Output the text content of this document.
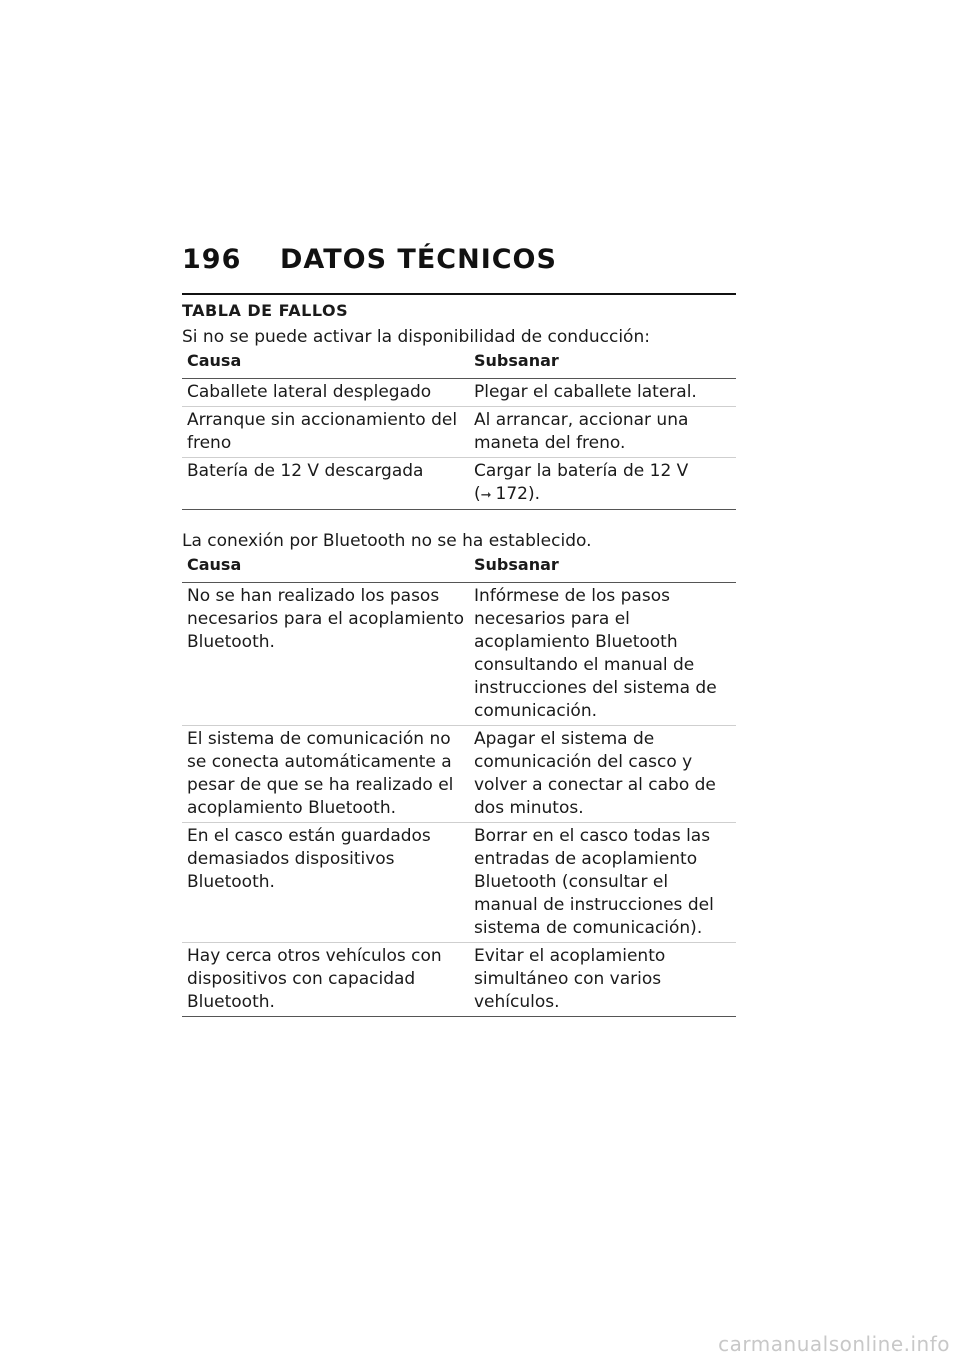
196	DATOS TÉCNICOS
TABLA DE FALLOS

Si no se puede activar la disponibilidad de conducción:

Causa	Subsanar
Caballete lateral desplegado	Plegar el caballete lateral.
Arranque sin accionamiento del freno	Al arrancar, accionar una maneta del freno.
Batería de 12 V descargada	Cargar la batería de 12 V
(➞ 172).

La conexión por Bluetooth no se ha establecido.

Causa	Subsanar
No se han realizado los pasos necesarios para el acoplamiento Bluetooth.	Infórmese de los pasos necesarios para el acoplamiento Bluetooth consultando el manual de instrucciones del sistema de comunicación.
El sistema de comunicación no se conecta automáticamente a pesar de que se ha realizado el acoplamiento Bluetooth.	Apagar el sistema de comunicación del casco y volver a conectar al cabo de dos minutos.
En el casco están guardados demasiados dispositivos Bluetooth.	Borrar en el casco todas las entradas de acoplamiento Bluetooth (consultar el manual de instrucciones del sistema de comunicación).
Hay cerca otros vehículos con dispositivos con capacidad Bluetooth.	Evitar el acoplamiento simultáneo con varios vehículos.
carmanualsonline.info
